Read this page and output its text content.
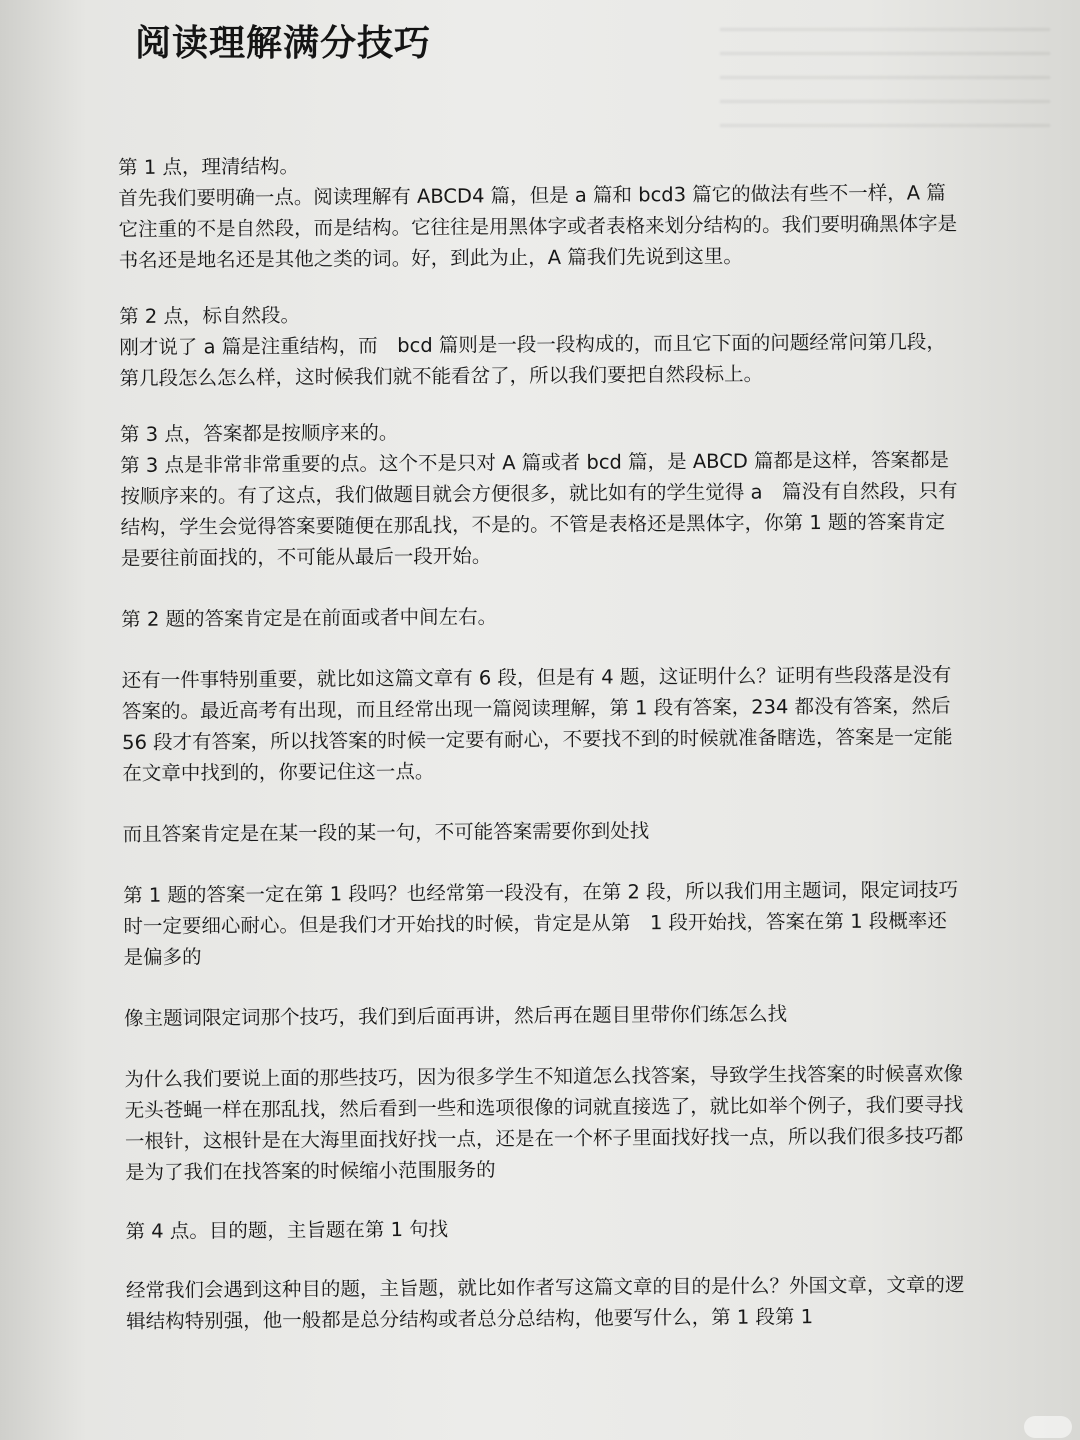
阅读理解满分技巧

第 1 点，理清结构。

首先我们要明确一点。阅读理解有 ABCD4 篇，但是 a 篇和 bcd3 篇它的做法有些不一样，A 篇它注重的不是自然段，而是结构。它往往是用黑体字或者表格来划分结构的。我们要明确黑体字是书名还是地名还是其他之类的词。好，到此为止，A 篇我们先说到这里。

第 2 点，标自然段。

刚才说了 a 篇是注重结构，而　bcd 篇则是一段一段构成的，而且它下面的问题经常问第几段，第几段怎么怎么样，这时候我们就不能看岔了，所以我们要把自然段标上。

第 3 点，答案都是按顺序来的。

第 3 点是非常非常重要的点。这个不是只对 A 篇或者 bcd 篇，是 ABCD 篇都是这样，答案都是按顺序来的。有了这点，我们做题目就会方便很多，就比如有的学生觉得 a　篇没有自然段，只有结构，学生会觉得答案要随便在那乱找，不是的。不管是表格还是黑体字，你第 1 题的答案肯定是要往前面找的，不可能从最后一段开始。

第 2 题的答案肯定是在前面或者中间左右。

还有一件事特别重要，就比如这篇文章有 6 段，但是有 4 题，这证明什么？证明有些段落是没有答案的。最近高考有出现，而且经常出现一篇阅读理解，第 1 段有答案，234 都没有答案，然后 56 段才有答案，所以找答案的时候一定要有耐心，不要找不到的时候就准备瞎选，答案是一定能在文章中找到的，你要记住这一点。

而且答案肯定是在某一段的某一句，不可能答案需要你到处找

第 1 题的答案一定在第 1 段吗？也经常第一段没有，在第 2 段，所以我们用主题词，限定词技巧时一定要细心耐心。但是我们才开始找的时候，肯定是从第　1 段开始找，答案在第 1 段概率还是偏多的

像主题词限定词那个技巧，我们到后面再讲，然后再在题目里带你们练怎么找

为什么我们要说上面的那些技巧，因为很多学生不知道怎么找答案，导致学生找答案的时候喜欢像无头苍蝇一样在那乱找，然后看到一些和选项很像的词就直接选了，就比如举个例子，我们要寻找一根针，这根针是在大海里面找好找一点，还是在一个杯子里面找好找一点，所以我们很多技巧都是为了我们在找答案的时候缩小范围服务的

第 4 点。目的题，主旨题在第 1 句找

经常我们会遇到这种目的题，主旨题，就比如作者写这篇文章的目的是什么？外国文章，文章的逻辑结构特别强，他一般都是总分结构或者总分总结构，他要写什么，第 1 段第 1
